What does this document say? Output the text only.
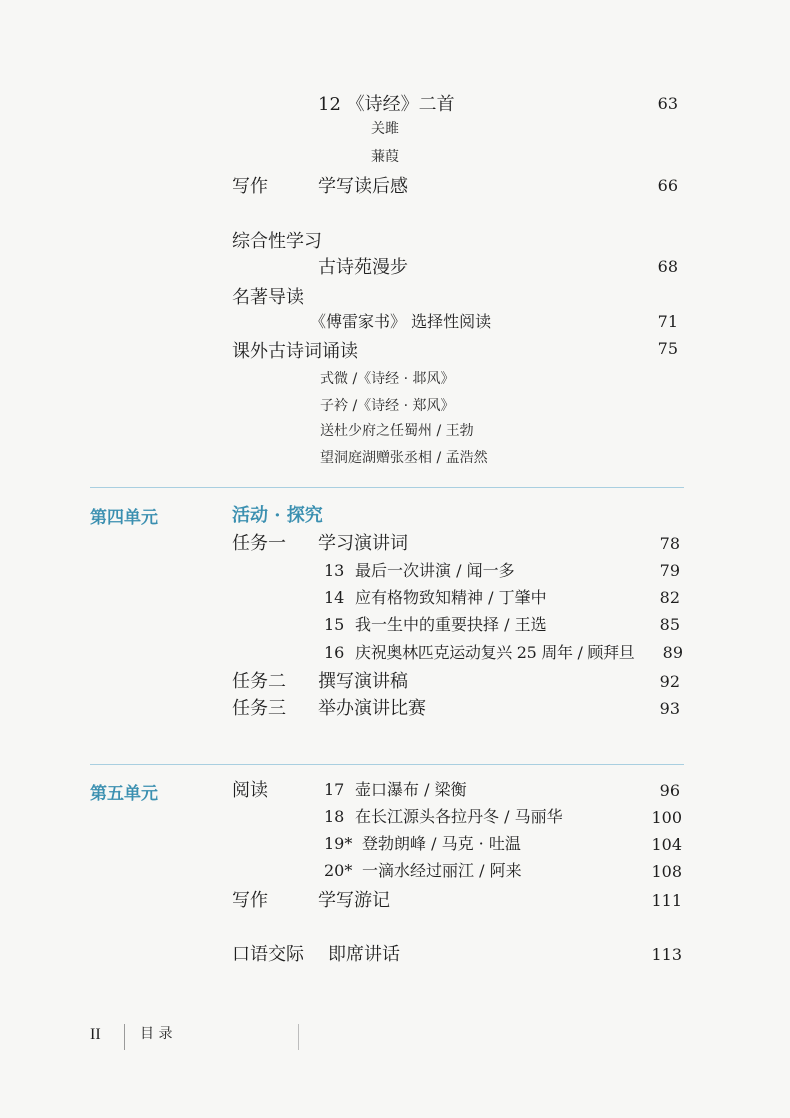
12 《诗经》二首	63
关雎
蒹葭
写作	学写读后感	66
综合性学习
古诗苑漫步	68
名著导读
《傅雷家书》 选择性阅读	71
课外古诗词诵读	75
式微 /《诗经 · 邶风》
子衿 /《诗经 · 郑风》
送杜少府之任蜀州 / 王勃
望洞庭湖赠张丞相 / 孟浩然
第四单元	活动 · 探究
任务一 学习演讲词	78
13 最后一次讲演 / 闻一多	79
14 应有格物致知精神 / 丁肇中	82
15 我一生中的重要抉择 / 王选	85
16 庆祝奥林匹克运动复兴 25 周年 / 顾拜旦	89
任务二 撰写演讲稿	92
任务三 举办演讲比赛	93
第五单元	阅读	17 壶口瀑布 / 梁衡	96
18 在长江源头各拉丹冬 / 马丽华	100
19* 登勃朗峰 / 马克 · 吐温	104
20* 一滴水经过丽江 / 阿来	108
写作	学写游记	111
口语交际 即席讲话	113
II	目 录
